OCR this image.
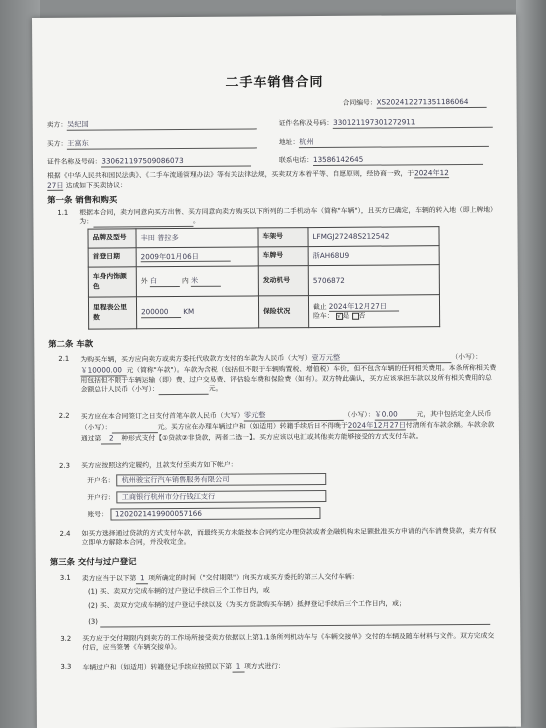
二手车销售合同
合同编号：XS202412271351186064
卖方：吴纪国	证件名称及号码：330121197301272911
买方：王富东	地址：杭州
证件名称及号码：330621197509086073	联系电话：13586142645
根据《中华人民共和国民法典》、《二手车流通管理办法》等有关法律法规，买卖双方本着平等、自愿原则，经协商一致，于2024年12
27日 达成如下买卖协议：
第一条 销售和购买
1.1 根据本合同，卖方同意向买方出售、买方同意向卖方购买以下所列的二手机动车（简称"车辆"），且买方已确定，车辆的转入地（即上牌地）为：	。
品牌及型号	丰田 普拉多	车架号	LFMGJ27248S212542
首登日期	2009年01月06日	车牌号	浙AH68U9
车身内饰颜色	外 白 内 米	发动机号	5706872
里程表公里数	200000 KM	保险状况	截止 2024年12月27日
险车： √ 是 否
第二条 车款
2.1 为购买车辆，买方应向卖方或卖方委托代收款方支付的车款为人民币（大写）壹万元整	（小写）： ￥10000.00 元（简称"车款"）。车款为含税（包括但不限于车辆购置税、增值税）车价，但不包含车辆的任何相关费用。本条所称相关费用包括但不限于车辆运输（即）费、过户交易费、评估验车费和保险费（如有）。双方特此确认，买方应该承担车款以及所有相关费用的总金额总计人民币（小写）：	元。
2.2 买方应在本合同签订之日支付首笔车款人民币（大写）零元整	（小写）：￥0.00	元，其中包括定金人民币（小写）：	元。买方应在办理车辆过户和（如适用）转籍手续后日不得晚于2024年12月27日付清所有车款余额。车款余款通过第 2 种形式支付【①贷款②非贷款，两者二选一】。买方应该以电汇或其他卖方能够接受的方式支付车款。
2.3 买方应按照这约定履约，且款支付至卖方如下帐户：
开户名： 杭州骏宝行汽车销售服务有限公司
开户行： 工商银行杭州市分行钱江支行
账号： 1202021419900057166
2.4 如买方选择通过贷款的方式支付车款，而最终买方未能按本合同约定办理贷款或者金融机构未足额批准买方申请的汽车消费贷款，卖方有权立即单方解除本合同，并没收定金。
第三条 交付与过户登记
3.1 卖方应当于以下第 1 项所确定的时间（"交付期限"）向买方或买方委托的第三人交付车辆：
(1) 买、卖双方完成车辆的过户登记手续后三个工作日内，或
(2) 买、卖双方完成车辆的过户登记手续以及（为买方贷款购买车辆）抵押登记手续后三个工作日内，或；
(3)
3.2 买方应于交付期限内到卖方的工作场所接受卖方依据以上第1.1条所列机动车与《车辆交接单》交付的车辆及随车材料与文件。双方完成交付后，应当签署《车辆交接单》。
3.3 车辆过户和（如适用）转籍登记手续应按照以下第 1 项方式进行：
